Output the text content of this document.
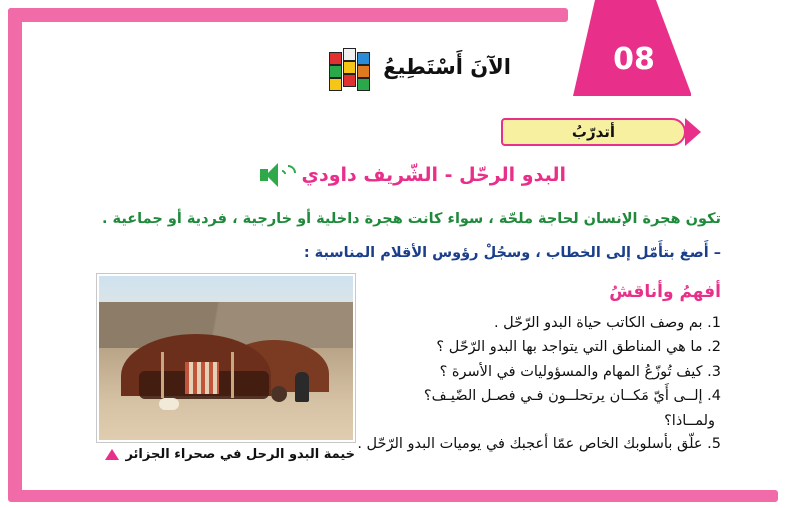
08
الآنَ أَسْتَطِيعُ
أتدرّبُ
البدو الرحّل - الشّريف داودي
تكون هجرة الإنسان لحاجة ملحّة ، سواء كانت هجرة داخلية أو خارجية ، فردية أو جماعية .
– أَصغ بتأَمّل إلى الخطاب ، وسجُلْ رؤوس الأقلام المناسبة :
أفهمُ وأناقشُ
1. بم وصف الكاتب حياة البدو الرّحّل .
2. ما هي المناطق التي يتواجد بها البدو الرّحّل ؟
3. كيف تُوزّعُ المهام والمسؤوليات في الأسرة ؟
4. إلــى أَيّ مَكــان يرتحلــون فـي فصـل الضّيـف؟
ولمــاذا؟
5. علّق بأسلوبك الخاص عمّا أعجبك في يوميات البدو الرّحّل .
خيمة البدو الرحل في صحراء الجزائر
